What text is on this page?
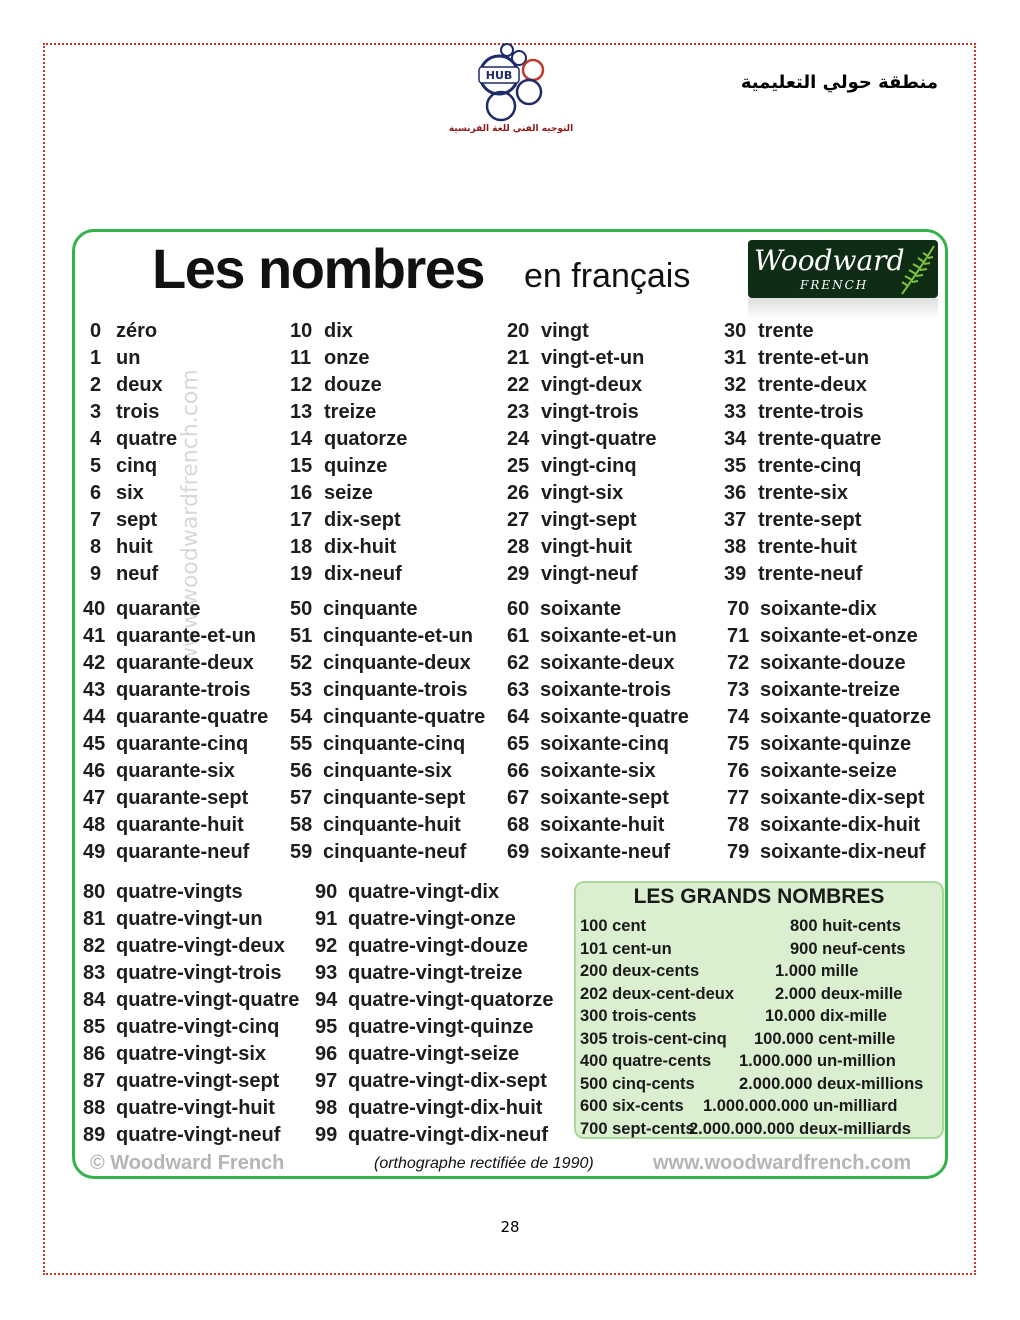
HUB
التوجيه الفني للغة الفرنسية
منطقة حولي التعليمية
Les nombres en français Woodward
FRENCH
www.woodwardfrench.com
0 zéro
1 un
2 deux
3 trois
4 quatre
5 cinq
6 six
7 sept
8 huit
9 neuf
10 dix
11 onze
12 douze
13 treize
14 quatorze
15 quinze
16 seize
17 dix-sept
18 dix-huit
19 dix-neuf
20 vingt
21 vingt-et-un
22 vingt-deux
23 vingt-trois
24 vingt-quatre
25 vingt-cinq
26 vingt-six
27 vingt-sept
28 vingt-huit
29 vingt-neuf
30 trente
31 trente-et-un
32 trente-deux
33 trente-trois
34 trente-quatre
35 trente-cinq
36 trente-six
37 trente-sept
38 trente-huit
39 trente-neuf
40 quarante
41 quarante-et-un
42 quarante-deux
43 quarante-trois
44 quarante-quatre
45 quarante-cinq
46 quarante-six
47 quarante-sept
48 quarante-huit
49 quarante-neuf
50 cinquante
51 cinquante-et-un
52 cinquante-deux
53 cinquante-trois
54 cinquante-quatre
55 cinquante-cinq
56 cinquante-six
57 cinquante-sept
58 cinquante-huit
59 cinquante-neuf
60 soixante
61 soixante-et-un
62 soixante-deux
63 soixante-trois
64 soixante-quatre
65 soixante-cinq
66 soixante-six
67 soixante-sept
68 soixante-huit
69 soixante-neuf
70 soixante-dix
71 soixante-et-onze
72 soixante-douze
73 soixante-treize
74 soixante-quatorze
75 soixante-quinze
76 soixante-seize
77 soixante-dix-sept
78 soixante-dix-huit
79 soixante-dix-neuf
80 quatre-vingts
81 quatre-vingt-un
82 quatre-vingt-deux
83 quatre-vingt-trois
84 quatre-vingt-quatre
85 quatre-vingt-cinq
86 quatre-vingt-six
87 quatre-vingt-sept
88 quatre-vingt-huit
89 quatre-vingt-neuf
90 quatre-vingt-dix
91 quatre-vingt-onze
92 quatre-vingt-douze
93 quatre-vingt-treize
94 quatre-vingt-quatorze
95 quatre-vingt-quinze
96 quatre-vingt-seize
97 quatre-vingt-dix-sept
98 quatre-vingt-dix-huit
99 quatre-vingt-dix-neuf
LES GRANDS NOMBRES
© Woodward French	(orthographe rectifiée de 1990)	www.woodwardfrench.com
28
100 cent
101 cent-un
200 deux-cents
202 deux-cent-deux
300 trois-cents
305 trois-cent-cinq
400 quatre-cents
500 cinq-cents
600 six-cents
700 sept-cents
800 huit-cents
900 neuf-cents
1.000 mille
2.000 deux-mille
10.000 dix-mille
100.000 cent-mille
1.000.000 un-million
2.000.000 deux-millions
1.000.000.000 un-milliard
2.000.000.000 deux-milliards
